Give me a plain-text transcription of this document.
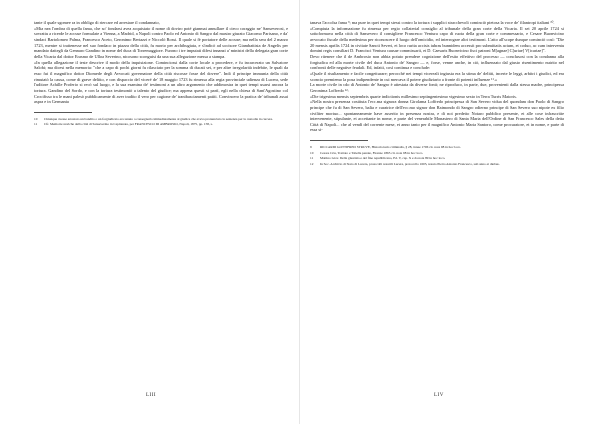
tante il quale sgomee ra in obbligo di riercare ed arrestare il condannato,

«Mia nea l'ombra di quella fama, che so' fondarsi avea acquistato il nome di doviro poté gianmai annullare il cieco coraggio ne' Sanseverosi, e sovrattu a ricerde le accuse formulate a Vienna, a Madrid, a Napoli contro Paolo ed Antonio di Sangro dal mastro giurato Giacomo Parisano, e da' sindaci Bartolomeo Palma, Francesco Aceto, Geronimo Bertazzi e Niccolò Rossi. Il quale si fè portatore delle accuse; ma nella sera del 2 marzo 1723, mentre si trattenesse nel suo fondaco in piazza della città, fu morto per archibugiata, e s'indicò ad uccisore Giambattista de Angelis per mandato dattegli da Gennaro Gandino in nome del duca di Torremaggiore. Furono i tre imputati difesi innanzi a' ministri della delegata gran corte della Vicaria dal dottor Erasmo de Ulloa Severino, nicosono sconguisi da una sua allegazione messa a stampa.

«In quella allegazione il teste descrive il modo della inquisizione. Cominciossi dalla corte locale a procedere, e fu incarcerato un Salvatore Salobi; ma dicesi nella memoria: "che a capo di pochi giorni fu rilasciato per la somma di ducati sei, e per altre irregolarità indebite, le quali da esso fui il magnifico dottor Diomede degli Avvocati governatore della città riscosse fosse del dovere". Indi il principe immunia della città rimutatò la causa, come di grave delitto, e con dispaccio del viceré de' 18 maggio 1723 fu rimessa alla regia provinciale udienza di Lucera, sede l'uditore Achille Proferio si recò sul luogo, e la sua esamina de' testimoni a un altro argomento che addimostra in quei tempi usarsi ancora la tortura. Gandino del Sordo, e con la tortura testimoniò a talento del giudice; ma appena questi si partì, egli nella chiesa di Sant'Agostino col Crocifisso tra le mani palesò pubblicamente di aver tradito il vero per cagione de' tranibasciamenti patiti. Convincero la pratica de' tribunali assai aspra e in Germania

10 Chiunque avesse arrestato un bandito o un forgiudicato era tenuto a consegnarlo immediatamente al giudice che aveva pronunciato la sentenza per la custodia in carcere.
11 Cfr. Memorie storiche della città di Sanseverino in Capitanata, per FRANCESCO DI AMBROSIO, Napoli, 1875, pp. 158, s.
LIII

tanava l'accolsa fama ⁹; ma pure in quei tempi stessi contro la tortura i supplici stracchevoli cominciò pietosa la voce de' filantropi italiani ¹⁰.

«Compiuta la informazione fu rimessa per regio collaterial consiglio al tribunale della gran corte della Vicaria. Il sei 20 aprile 1724 si sottoformava nella città di Sansevero il consigliere Francesco Ventura capo di ruota della gran corte e commessario, e Cesare Buonvicino avvocato fiscale della medesima per riconoscere il luogo dell'omicidio, ed interrogare altri testimoni. L'atto all'scope dunque cominciò così: "Die 20 mensis aprilis 1724 in civitate Sancti Severi, et loco rurita accisis iubras bunnidem accessit pro submittatis actum, et coduo, ac cum interventu domini regis consiliari D. Francisci Ventura causae commissarii, et D. Caesaris Buonvicino fisci patroni M[agnae] C[uriae] V[icariae]".

Devo ritenere che il de Ambrosio non abbia potuto prendere cognizione dell'esito effettivo del processo — conclusosi con la condanna alla forgiudica ed alla morte civile del duca Antonio de' Sangro — e, forse, venne anche, in ciò, influenzato dal giusto risentimento nutrito nel confronti delle negative feudali. Ed, infatti, così continua e conclude:

«Quale il risultamento e facile congetturare; perocché nei tempi vicereali ingiusta era la stima de' delitti, incerte le leggi, arbitri i giudici, ed era sconcio premiemo la posa indipendente in cui mercava il potere giudiziario a fronte di potenti influenze ¹¹.»

La morte civile in cdo di Antonio de' Sangro è attestata da diverse fonti; ne riproduco, in parte, due, provenienti dalla stessa madre, principessa Geronima Loffredo ¹²:

«Die trigesima mensis septembris quarte indictionis millesimo septingentesimo vigesimo sexto in Terra Turris Maioris.

«Nella nostra presenza costituta l'ecc.ma signora donna Girolama Loffredo principessa di San Severo vidua del quondam don Paolo di Sangro principe che fu di San Severo, balia e curatrice dell'ecc.mo signor don Raimondo di Sangro odierno principe di San Severo suo nipote ex filio civiliter mortuo... spontaneamente have asserito in presenza nostra, e di noi predetto Notaro pubblico presente, et alle cose infrascritte intervenente, stipulante, et accettante in nome, e parte del venerabile Monastero di Santa Maria dell'Ordine di San Francesco Sales della detta Città di Napoli... che al vendì del corrente mese, et anno tanto per il magnifico Antonio Maria Santoro, come procuratore, et in nome, e parte di essa si-

9 RICCARDI GOTTIFRED STRUVE, Historia iuris criminalis, § 28, Jenae 1706 cit. nota 98 in hoc loco.
10 Cesare Cria, Trattato e Tabelle penale, Firenze 1865 cit. nota 98 in hoc loco.
11 Mattino Giov. Della giustizia e del fine repubblicano, Ed. V, cap. X e da nota 89 in hoc loco.
12 In Soc. Archivio di Stato di Lucera, protocolli notarili Lucera, protocollo 1603, notaio Pietro Antonio Francesco, sub anno et diebus.
LIV
